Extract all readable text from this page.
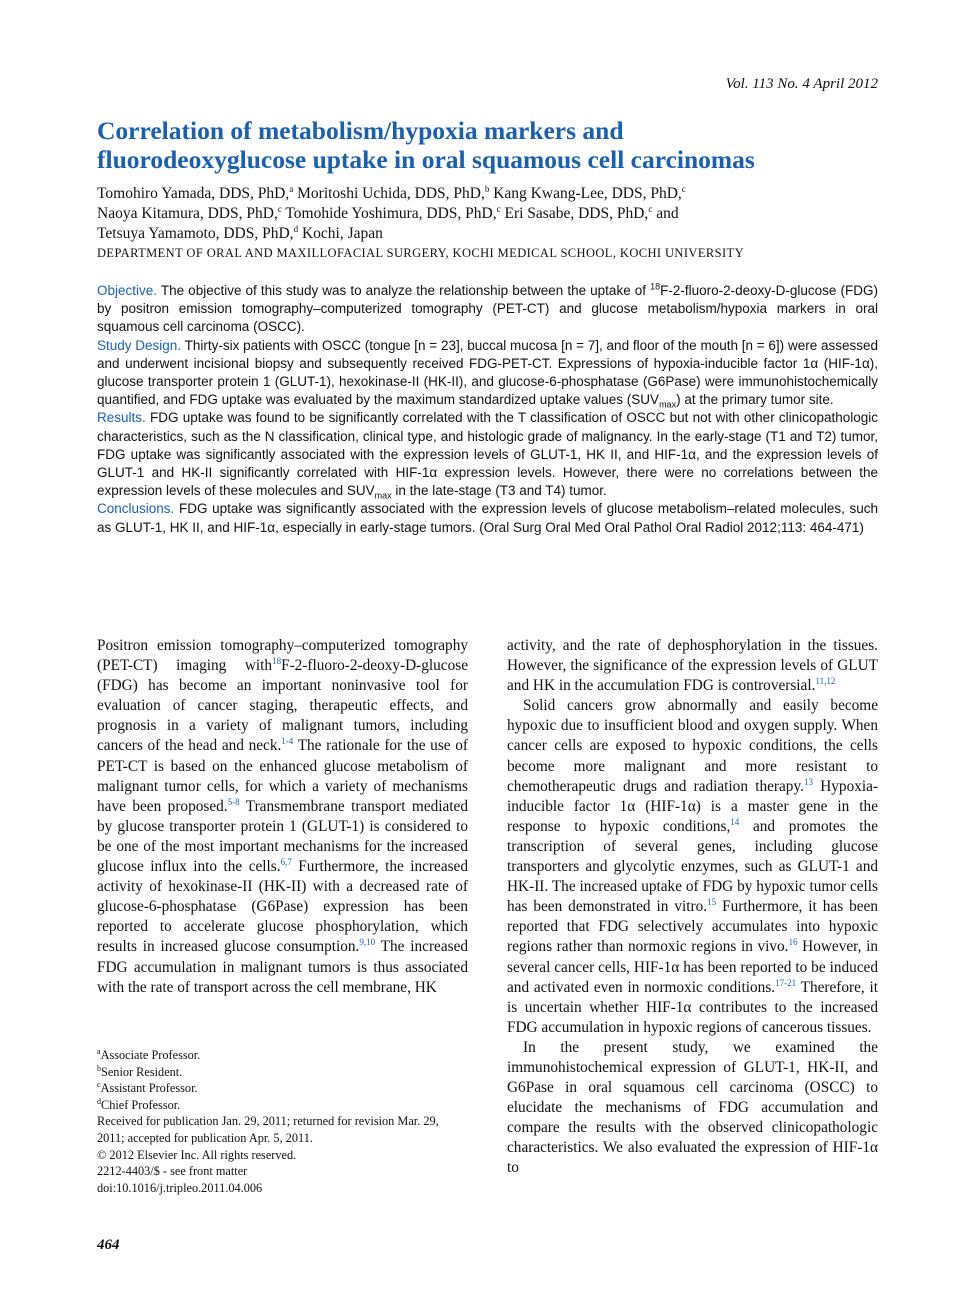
Vol. 113 No. 4 April 2012
Correlation of metabolism/hypoxia markers and
fluorodeoxyglucose uptake in oral squamous cell carcinomas
Tomohiro Yamada, DDS, PhD,$^a$ Moritoshi Uchida, DDS, PhD,$^b$ Kang Kwang-Lee, DDS, PhD,$^c$
Naoya Kitamura, DDS, PhD,$^c$ Tomohide Yoshimura, DDS, PhD,$^c$ Eri Sasabe, DDS, PhD,$^c$ and
Tetsuya Yamamoto, DDS, PhD,$^d$ Kochi, Japan
DEPARTMENT OF ORAL AND MAXILLOFACIAL SURGERY, KOCHI MEDICAL SCHOOL, KOCHI UNIVERSITY

Objective. The objective of this study was to analyze the relationship between the uptake of $^{18}$F-2-fluoro-2-deoxy-D-glucose (FDG) by positron emission tomography–computerized tomography (PET-CT) and glucose metabolism/hypoxia markers in oral squamous cell carcinoma (OSCC).

Study Design. Thirty-six patients with OSCC (tongue [n = 23], buccal mucosa [n = 7], and floor of the mouth [n = 6]) were assessed and underwent incisional biopsy and subsequently received FDG-PET-CT. Expressions of hypoxia-inducible factor 1α (HIF-1α), glucose transporter protein 1 (GLUT-1), hexokinase-II (HK-II), and glucose-6-phosphatase (G6Pase) were immunohistochemically quantified, and FDG uptake was evaluated by the maximum standardized uptake values $(SUV_{max})$ at the primary tumor site.

Results. FDG uptake was found to be significantly correlated with the T classification of OSCC but not with other clinicopathologic characteristics, such as the N classification, clinical type, and histologic grade of malignancy. In the early-stage (T1 and T2) tumor, FDG uptake was significantly associated with the expression levels of GLUT-1, HK II, and HIF-1α, and the expression levels of GLUT-1 and HK-II significantly correlated with HIF-1α expression levels. However, there were no correlations between the expression levels of these molecules and $SUV_{max}$ in the late-stage (T3 and T4) tumor.

Conclusions. FDG uptake was significantly associated with the expression levels of glucose metabolism–related molecules, such as GLUT-1, HK II, and HIF-1α, especially in early-stage tumors. (Oral Surg Oral Med Oral Pathol Oral Radiol 2012;113: 464-471)

Positron emission tomography–computerized tomography (PET-CT) imaging with$^{18}$F-2-fluoro-2-deoxy-D-glucose (FDG) has become an important noninvasive tool for evaluation of cancer staging, therapeutic effects, and prognosis in a variety of malignant tumors, including cancers of the head and neck.$^{1-4}$ The rationale for the use of PET-CT is based on the enhanced glucose metabolism of malignant tumor cells, for which a variety of mechanisms have been proposed.$^{5-8}$ Transmembrane transport mediated by glucose transporter protein 1 (GLUT-1) is considered to be one of the most important mechanisms for the increased glucose influx into the cells.$^{6,7}$ Furthermore, the increased activity of hexokinase-II (HK-II) with a decreased rate of glucose-6-phosphatase (G6Pase) expression has been reported to accelerate glucose phosphorylation, which results in increased glucose consumption.$^{9,10}$ The increased FDG accumulation in malignant tumors is thus associated with the rate of transport across the cell membrane, HK

activity, and the rate of dephosphorylation in the tissues. However, the significance of the expression levels of GLUT and HK in the accumulation FDG is controversial.$^{11,12}$

Solid cancers grow abnormally and easily become hypoxic due to insufficient blood and oxygen supply. When cancer cells are exposed to hypoxic conditions, the cells become more malignant and more resistant to chemotherapeutic drugs and radiation therapy.$^{13}$ Hypoxia-inducible factor 1α (HIF-1α) is a master gene in the response to hypoxic conditions,$^{14}$ and promotes the transcription of several genes, including glucose transporters and glycolytic enzymes, such as GLUT-1 and HK-II. The increased uptake of FDG by hypoxic tumor cells has been demonstrated in vitro.$^{15}$ Furthermore, it has been reported that FDG selectively accumulates into hypoxic regions rather than normoxic regions in vivo.$^{16}$ However, in several cancer cells, HIF-1α has been reported to be induced and activated even in normoxic conditions.$^{17-21}$ Therefore, it is uncertain whether HIF-1α contributes to the increased FDG accumulation in hypoxic regions of cancerous tissues.

In the present study, we examined the immunohistochemical expression of GLUT-1, HK-II, and G6Pase in oral squamous cell carcinoma (OSCC) to elucidate the mechanisms of FDG accumulation and compare the results with the observed clinicopathologic characteristics. We also evaluated the expression of HIF-1α to

$^a$Associate Professor.
$^b$Senior Resident.
$^c$Assistant Professor.
$^d$Chief Professor.
Received for publication Jan. 29, 2011; returned for revision Mar. 29, 2011; accepted for publication Apr. 5, 2011.
© 2012 Elsevier Inc. All rights reserved.
2212-4403/$ - see front matter
doi:10.1016/j.tripleo.2011.04.006
464
